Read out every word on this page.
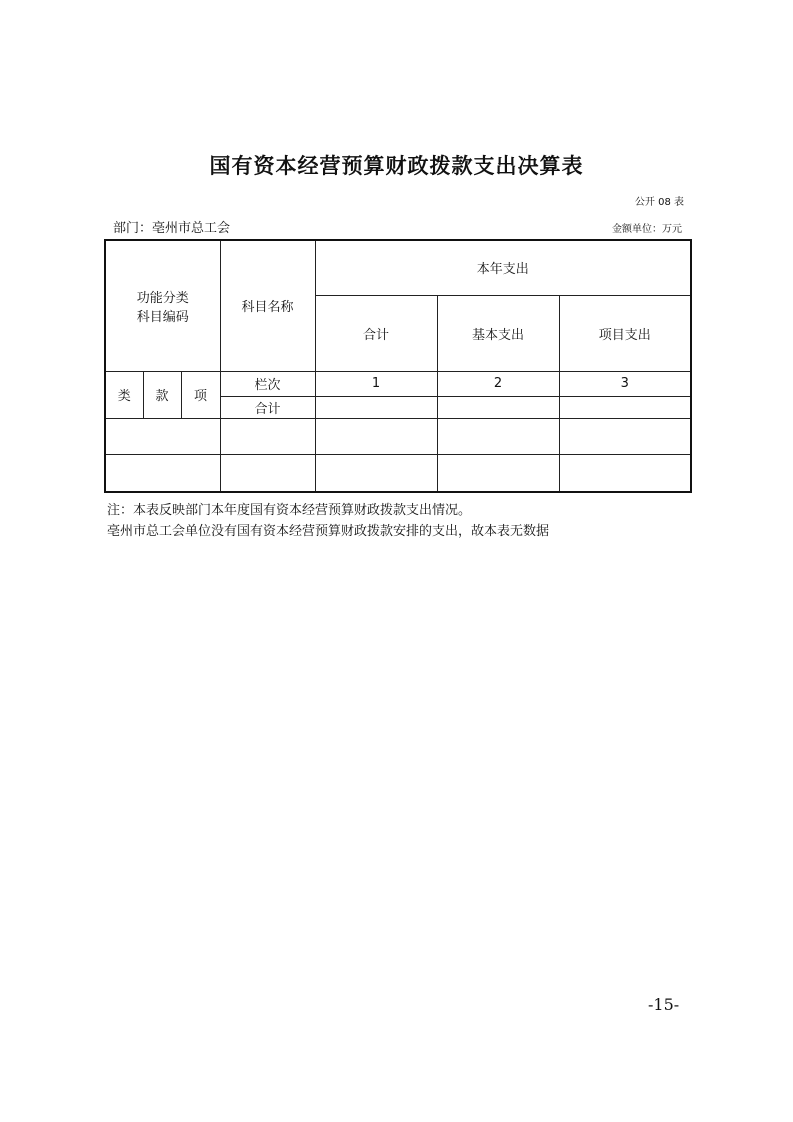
国有资本经营预算财政拨款支出决算表
公开 08 表
部门：亳州市总工会	金额单位：万元
功能分类
科目编码			科目名称	本年支出		
				合计	基本支出	项目支出
类	款	项	栏次	1	2	3
			合计			

注：本表反映部门本年度国有资本经营预算财政拨款支出情况。
亳州市总工会单位没有国有资本经营预算财政拨款安排的支出，故本表无数据
-15-
